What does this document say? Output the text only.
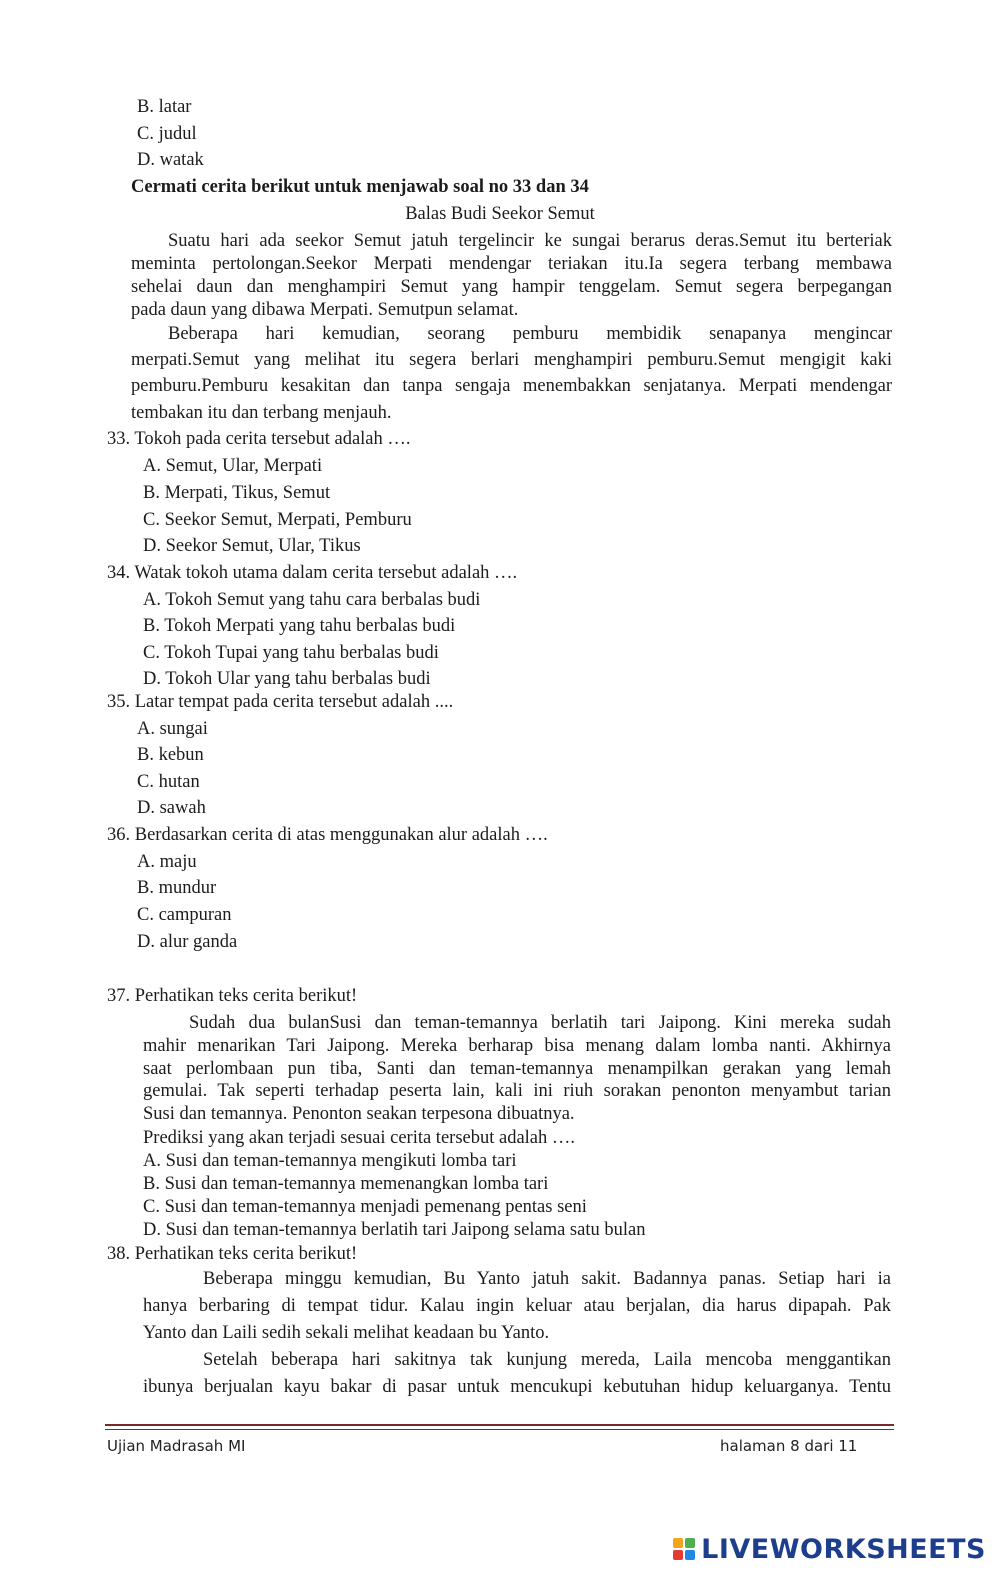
B. latar
C. judul
D. watak
Cermati cerita berikut untuk menjawab soal no 33 dan 34
Balas Budi Seekor Semut
Suatu hari ada seekor Semut jatuh tergelincir ke sungai berarus deras.Semut itu berteriak
meminta pertolongan.Seekor Merpati mendengar teriakan itu.Ia segera terbang membawa
sehelai daun dan menghampiri Semut yang hampir tenggelam. Semut segera berpegangan
pada daun yang dibawa Merpati. Semutpun selamat.
Beberapa hari kemudian, seorang pemburu membidik senapanya mengincar
merpati.Semut yang melihat itu segera berlari menghampiri pemburu.Semut mengigit kaki
pemburu.Pemburu kesakitan dan tanpa sengaja menembakkan senjatanya. Merpati mendengar
tembakan itu dan terbang menjauh.
33. Tokoh pada cerita tersebut adalah ….
A. Semut, Ular, Merpati
B. Merpati, Tikus, Semut
C. Seekor Semut, Merpati, Pemburu
D. Seekor Semut, Ular, Tikus
34. Watak tokoh utama dalam cerita tersebut adalah ….
A. Tokoh Semut yang tahu cara berbalas budi
B. Tokoh Merpati yang tahu berbalas budi
C. Tokoh Tupai yang tahu berbalas budi
D. Tokoh Ular yang tahu berbalas budi
35. Latar tempat pada cerita tersebut adalah ....
A. sungai
B. kebun
C. hutan
D. sawah
36. Berdasarkan cerita di atas menggunakan alur adalah ….
A. maju
B. mundur
C. campuran
D. alur ganda
37. Perhatikan teks cerita berikut!
Sudah dua bulanSusi dan teman-temannya berlatih tari Jaipong. Kini mereka sudah
mahir menarikan Tari Jaipong. Mereka berharap bisa menang dalam lomba nanti. Akhirnya
saat perlombaan pun tiba, Santi dan teman-temannya menampilkan gerakan yang lemah
gemulai. Tak seperti terhadap peserta lain, kali ini riuh sorakan penonton menyambut tarian
Susi dan temannya. Penonton seakan terpesona dibuatnya.
Prediksi yang akan terjadi sesuai cerita tersebut adalah ….
A. Susi dan teman-temannya mengikuti lomba tari
B. Susi dan teman-temannya memenangkan lomba tari
C. Susi dan teman-temannya menjadi pemenang pentas seni
D. Susi dan teman-temannya berlatih tari Jaipong selama satu bulan
38. Perhatikan teks cerita berikut!
Beberapa minggu kemudian, Bu Yanto jatuh sakit. Badannya panas. Setiap hari ia
hanya berbaring di tempat tidur. Kalau ingin keluar atau berjalan, dia harus dipapah. Pak
Yanto dan Laili sedih sekali melihat keadaan bu Yanto.
Setelah beberapa hari sakitnya tak kunjung mereda, Laila mencoba menggantikan
ibunya berjualan kayu bakar di pasar untuk mencukupi kebutuhan hidup keluarganya. Tentu
Ujian Madrasah MI	halaman 8 dari 11
LIVEWORKSHEETS
